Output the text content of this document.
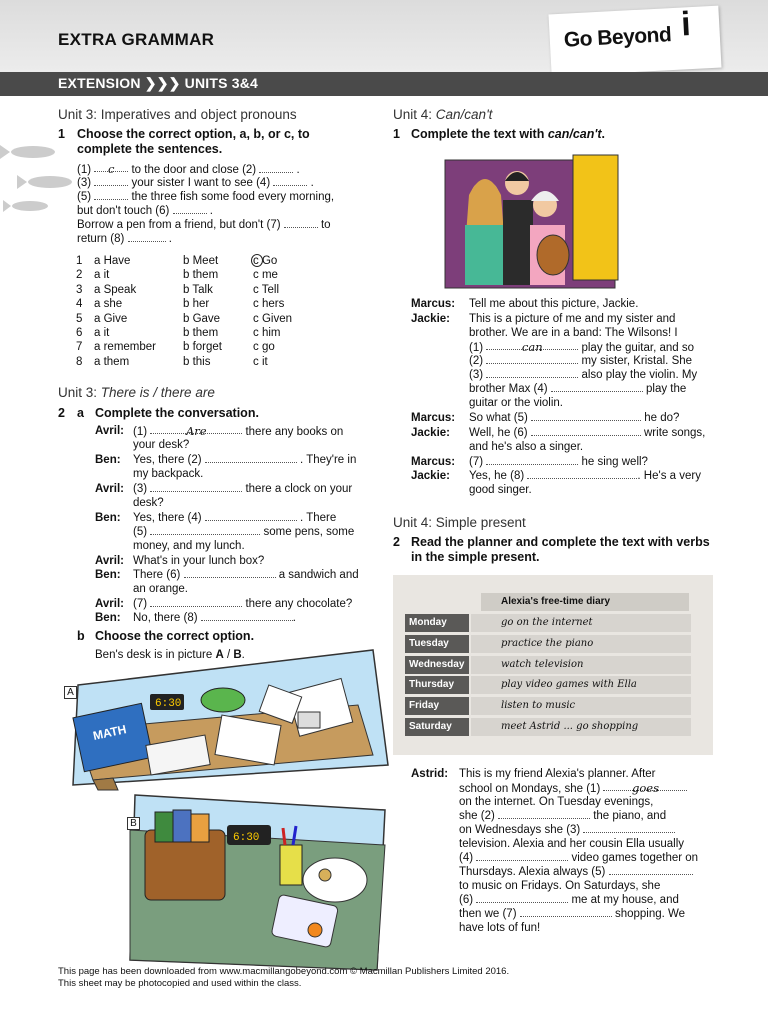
EXTRA GRAMMAR	Go Beyond i
EXTENSION ❯❯❯ UNITS 3&4
Unit 3: Imperatives and object pronouns
1 Choose the correct option, a, b, or c, to complete the sentences.
(1) c to the door and close (2)	.
(3)	your sister I want to see (4)	.
(5)	the three fish some food every morning,
but don't touch (6)	.
Borrow a pen from a friend, but don't (7)	to
return (8)	.
1 a Have	b Meet	c Go
2 a it	b them	c me
3 a Speak	b Talk	c Tell
4 a she	b her	c hers
5 a Give	b Gave	c Given
6 a it	b them	c him
7 a remember b forget	c go
8 a them	b this	c it
Unit 3: There is / there are
2 a Complete the conversation.
Avril: (1)	Are	there any books on
your desk?
Ben: Yes, there (2)	. They're in
my backpack.
Avril: (3)	there a clock on your
desk?
Ben: Yes, there (4)	. There
(5)	some pens, some
money, and my lunch.
Avril: What's in your lunch box?
Ben: There (6)	a sandwich and
an orange.
Avril: (7)	there any chocolate?
Ben: No, there (8)	.
b Choose the correct option.
Ben's desk is in picture A / B.
MATH
6:30
A
6:30
B
Unit 4: Can/can't
1 Complete the text with can/can't.
The WILSONS
Marcus: Tell me about this picture, Jackie.
Jackie: This is a picture of me and my sister and
brother. We are in a band: The Wilsons! I
(1)	can	play the guitar, and so
(2)	my sister, Kristal. She
(3)	also play the violin. My
brother Max (4)	play the
guitar or the violin.
Marcus: So what (5)	he do?
Jackie: Well, he (6)	write songs,
and he's also a singer.
Marcus: (7)	he sing well?
Jackie: Yes, he (8)	. He's a very
good singer.
Unit 4: Simple present
2 Read the planner and complete the text with verbs in the simple present.
Alexia's free-time diary
Monday	go on the internet
Tuesday	practice the piano
Wednesday	watch television
Thursday	play video games with Ella
Friday	listen to music
Saturday	meet Astrid ... go shopping
Astrid: This is my friend Alexia's planner. After
school on Mondays, she (1)	goes
on the internet. On Tuesday evenings,
she (2)	the piano, and
on Wednesdays she (3)
television. Alexia and her cousin Ella usually
(4)	video games together on
Thursdays. Alexia always (5)
to music on Fridays. On Saturdays, she
(6)	me at my house, and
then we (7)	shopping. We
have lots of fun!
This page has been downloaded from www.macmillangobeyond.com © Macmillan Publishers Limited 2016.
This sheet may be photocopied and used within the class.
